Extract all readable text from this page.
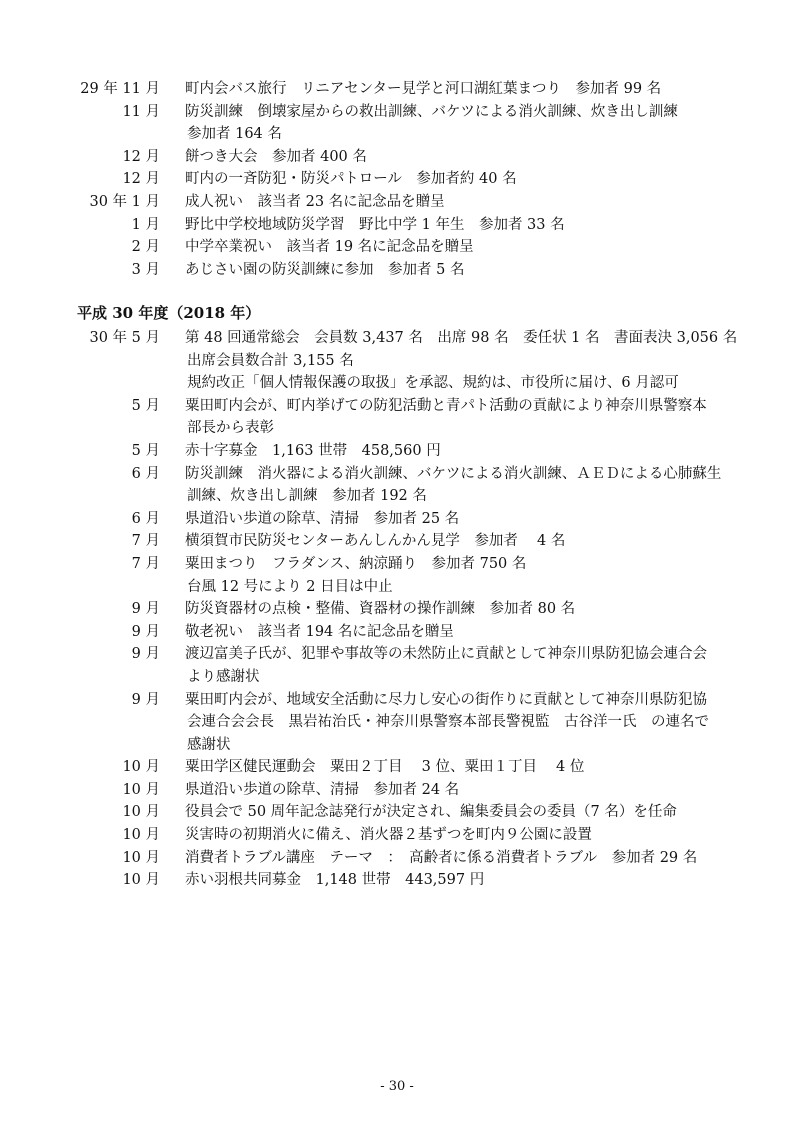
29 年 11 月 町内会バス旅行　リニアセンター見学と河口湖紅葉まつり　参加者 99 名
11 月 防災訓練　倒壊家屋からの救出訓練、バケツによる消火訓練、炊き出し訓練
参加者 164 名
12 月 餅つき大会　参加者 400 名
12 月 町内の一斉防犯・防災パトロール　参加者約 40 名
30 年 1 月 成人祝い　該当者 23 名に記念品を贈呈
1 月 野比中学校地域防災学習　野比中学 1 年生　参加者 33 名
2 月 中学卒業祝い　該当者 19 名に記念品を贈呈
3 月 あじさい園の防災訓練に参加　参加者 5 名
平成 30 年度（2018 年）
30 年 5 月 第 48 回通常総会　会員数 3,437 名　出席 98 名　委任状 1 名　書面表決 3,056 名
出席会員数合計 3,155 名
規約改正「個人情報保護の取扱」を承認、規約は、市役所に届け、6 月認可
5 月 粟田町内会が、町内挙げての防犯活動と青パト活動の貢献により神奈川県警察本
部長から表彰
5 月 赤十字募金　1,163 世帯　458,560 円
6 月 防災訓練　消火器による消火訓練、バケツによる消火訓練、ＡＥＤによる心肺蘇生
訓練、炊き出し訓練　参加者 192 名
6 月 県道沿い歩道の除草、清掃　参加者 25 名
7 月 横須賀市民防災センターあんしんかん見学　参加者　 4 名
7 月 粟田まつり　フラダンス、納涼踊り　参加者 750 名
台風 12 号により 2 日目は中止
9 月 防災資器材の点検・整備、資器材の操作訓練　参加者 80 名
9 月 敬老祝い　該当者 194 名に記念品を贈呈
9 月 渡辺富美子氏が、犯罪や事故等の未然防止に貢献として神奈川県防犯協会連合会
より感謝状
9 月 粟田町内会が、地域安全活動に尽力し安心の街作りに貢献として神奈川県防犯協
会連合会会長　黒岩祐治氏・神奈川県警察本部長警視監　古谷洋一氏　の連名で
感謝状
10 月 粟田学区健民運動会　粟田２丁目　 3 位、粟田１丁目　 4 位
10 月 県道沿い歩道の除草、清掃　参加者 24 名
10 月 役員会で 50 周年記念誌発行が決定され、編集委員会の委員（7 名）を任命
10 月 災害時の初期消火に備え、消火器２基ずつを町内９公園に設置
10 月 消費者トラブル講座　テーマ　：　高齢者に係る消費者トラブル　参加者 29 名
10 月 赤い羽根共同募金　1,148 世帯　443,597 円
- 30 -
